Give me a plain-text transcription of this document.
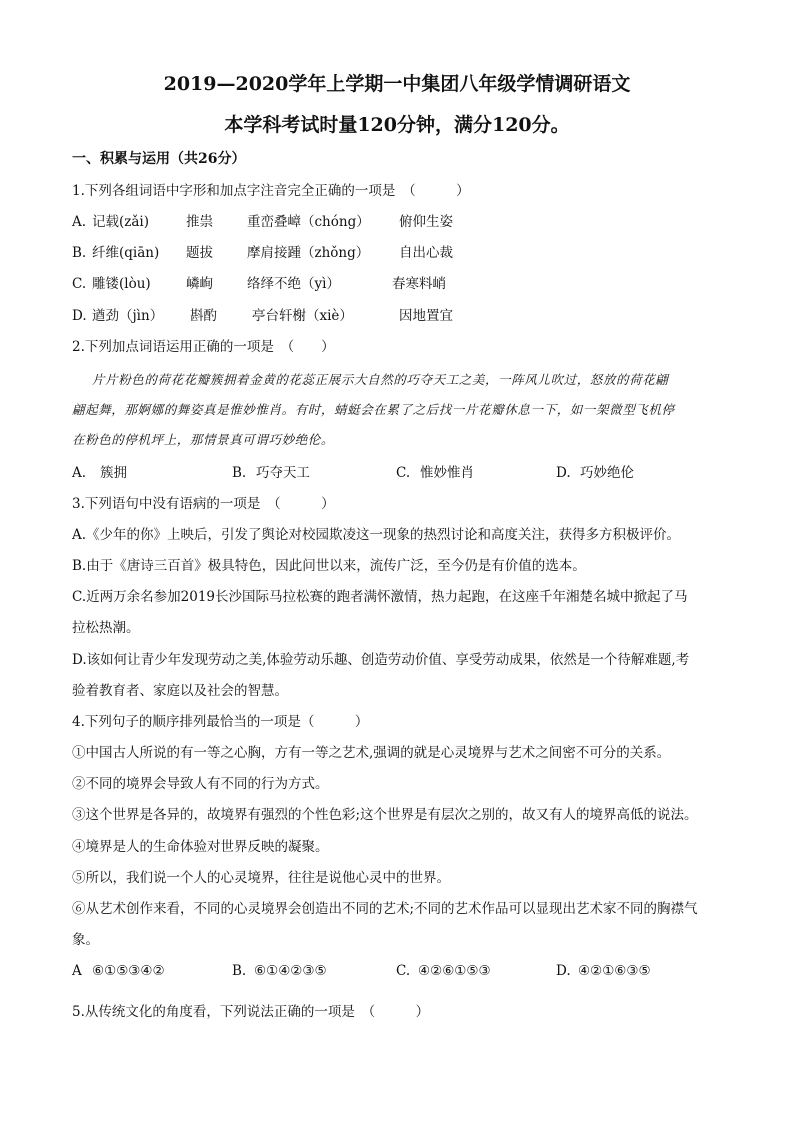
2019—2020学年上学期一中集团八年级学情调研语文
本学科考试时量120分钟，满分120分。
一、积累与运用（共26分）
1.下列各组词语中字形和加点字注音完全正确的一项是　（　　　）
A. 记载(zǎi)	推祟	重峦叠嶂（chóng） 俯仰生姿
B. 纤维(qiān) 题拔	摩肩接踵（zhǒng） 自出心裁
C. 雕镂(lòu)	嶙峋	络绎不绝（yì）	春寒料峭
D. 遒劲（jìn） 斟酌	亭台轩榭（xiè）	因地置宜
2.下列加点词语运用正确的一项是　（　　）
片片粉色的荷花花瓣簇拥着金黄的花蕊正展示大自然的巧夺天工之美，一阵风儿吹过，怒放的荷花翩
翩起舞，那婀娜的舞姿真是惟妙惟肖。有时，蜻蜓会在累了之后找一片花瓣休息一下，如一架微型飞机停
在粉色的停机坪上，那情景真可谓巧妙绝伦。
A. 簇拥	B. 巧夺天工	C. 惟妙惟肖	D. 巧妙绝伦
3.下列语句中没有语病的一项是　（　　　）
A.《少年的你》上映后，引发了舆论对校园欺凌这一现象的热烈讨论和高度关注，获得多方积极评价。
B.由于《唐诗三百首》极具特色，因此问世以来，流传广泛，至今仍是有价值的选本。
C.近两万余名参加2019长沙国际马拉松赛的跑者满怀激情，热力起跑，在这座千年湘楚名城中掀起了马
拉松热潮。
D.该如何让青少年发现劳动之美,体验劳动乐趣、创造劳动价值、享受劳动成果，依然是一个待解难题,考
验着教育者、家庭以及社会的智慧。
4.下列句子的顺序排列最恰当的一项是（　　　）
①中国古人所说的有一等之心胸，方有一等之艺术,强调的就是心灵境界与艺术之间密不可分的关系。
②不同的境界会导致人有不同的行为方式。
③这个世界是各异的，故境界有强烈的个性色彩;这个世界是有层次之别的，故又有人的境界高低的说法。
④境界是人的生命体验对世界反映的凝聚。
⑤所以，我们说一个人的心灵境界，往往是说他心灵中的世界。
⑥从艺术创作来看，不同的心灵境界会创造出不同的艺术;不同的艺术作品可以显现出艺术家不同的胸襟气
象。
A ⑥①⑤③④②	B. ⑥①④②③⑤	C. ④②⑥①⑤③	D. ④②①⑥③⑤
5.从传统文化的角度看，下列说法正确的一项是　（　　　）
